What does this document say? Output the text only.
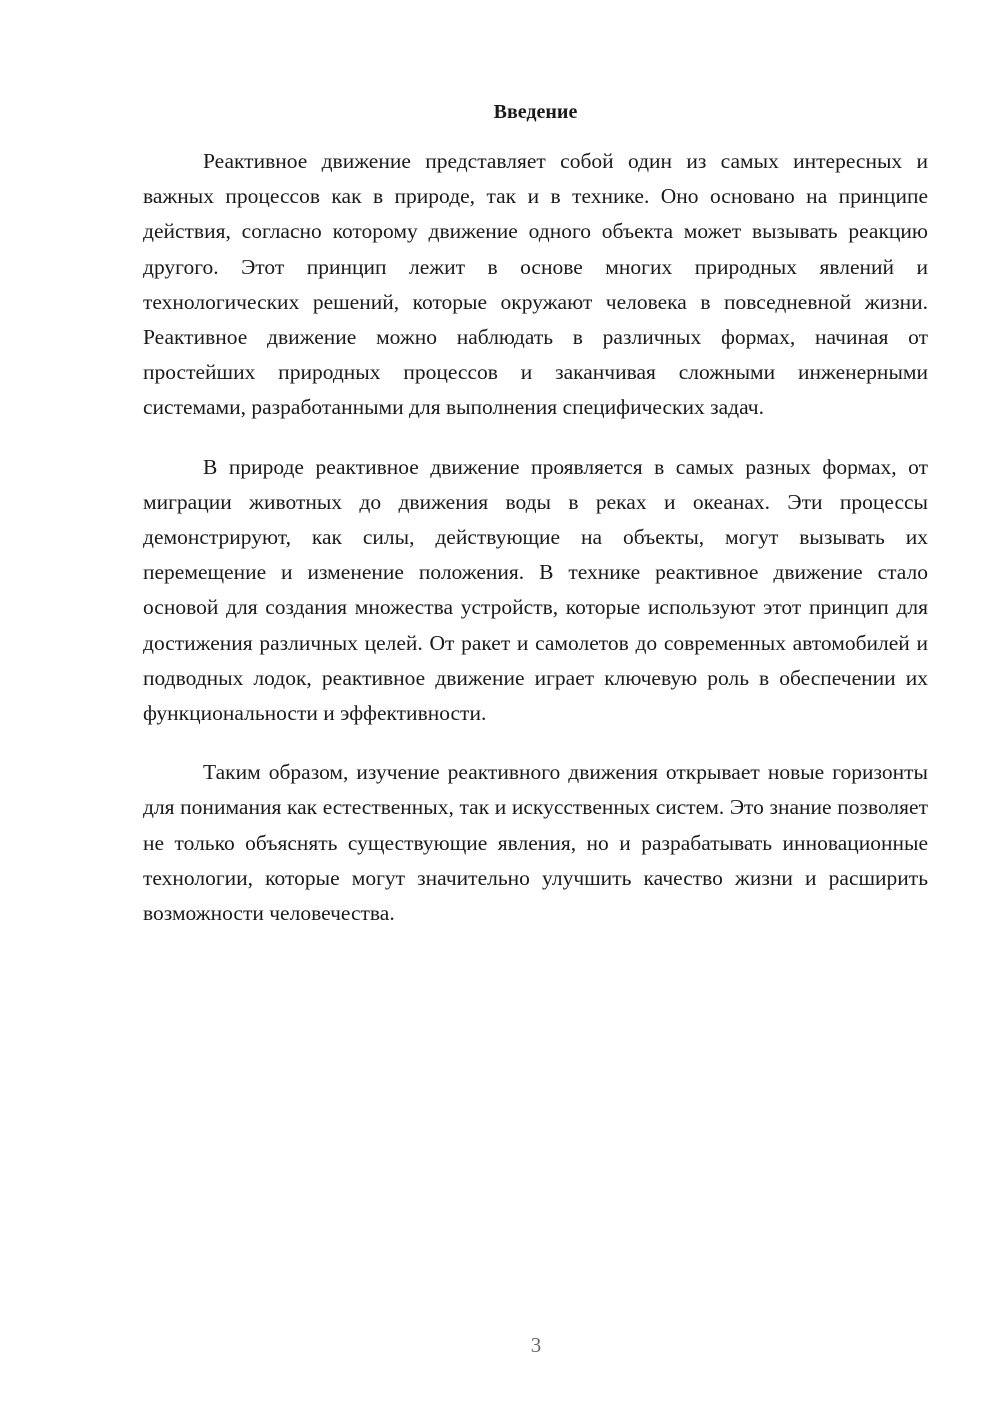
Введение

Реактивное движение представляет собой один из самых интересных и важных процессов как в природе, так и в технике. Оно основано на принципе действия, согласно которому движение одного объекта может вызывать реакцию другого. Этот принцип лежит в основе многих природных явлений и технологических решений, которые окружают человека в повседневной жизни. Реактивное движение можно наблюдать в различных формах, начиная от простейших природных процессов и заканчивая сложными инженерными системами, разработанными для выполнения специфических задач.

В природе реактивное движение проявляется в самых разных формах, от миграции животных до движения воды в реках и океанах. Эти процессы демонстрируют, как силы, действующие на объекты, могут вызывать их перемещение и изменение положения. В технике реактивное движение стало основой для создания множества устройств, которые используют этот принцип для достижения различных целей. От ракет и самолетов до современных автомобилей и подводных лодок, реактивное движение играет ключевую роль в обеспечении их функциональности и эффективности.

Таким образом, изучение реактивного движения открывает новые горизонты для понимания как естественных, так и искусственных систем. Это знание позволяет не только объяснять существующие явления, но и разрабатывать инновационные технологии, которые могут значительно улучшить качество жизни и расширить возможности человечества.

3
